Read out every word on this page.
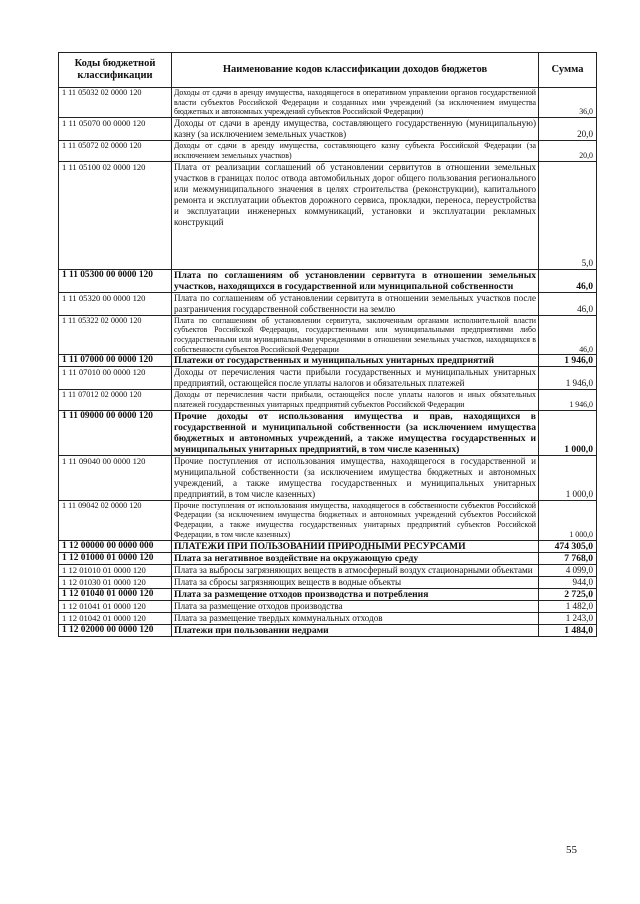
Коды бюджетной классификации	Наименование кодов классификации доходов бюджетов	Сумма
1 11 05032 02 0000 120	Доходы от сдачи в аренду имущества, находящегося в оперативном управлении органов государственной власти субъектов Российской Федерации и созданных ими учреждений (за исключением имущества бюджетных и автономных учреждений субъектов Российской Федерации)	36,0
1 11 05070 00 0000 120	Доходы от сдачи в аренду имущества, составляющего государственную (муниципальную) казну (за исключением земельных участков)	20,0
1 11 05072 02 0000 120	Доходы от сдачи в аренду имущества, составляющего казну субъекта Российской Федерации (за исключением земельных участков)	20,0
1 11 05100 02 0000 120	Плата от реализации соглашений об установлении сервитутов в отношении земельных участков в границах полос отвода автомобильных дорог общего пользования регионального или межмуниципального значения в целях строительства (реконструкции), капитального ремонта и эксплуатации объектов дорожного сервиса, прокладки, переноса, переустройства и эксплуатации инженерных коммуникаций, установки и эксплуатации рекламных конструкций	5,0
1 11 05300 00 0000 120	Плата по соглашениям об установлении сервитута в отношении земельных участков, находящихся в государственной или муниципальной собственности	46,0
1 11 05320 00 0000 120	Плата по соглашениям об установлении сервитута в отношении земельных участков после разграничения государственной собственности на землю	46,0
1 11 05322 02 0000 120	Плата по соглашениям об установлении сервитута, заключенным органами исполнительной власти субъектов Российской Федерации, государственными или муниципальными предприятиями либо государственными или муниципальными учреждениями в отношении земельных участков, находящихся в собственности субъектов Российской Федерации	46,0
1 11 07000 00 0000 120	Платежи от государственных и муниципальных унитарных предприятий	1 946,0
1 11 07010 00 0000 120	Доходы от перечисления части прибыли государственных и муниципальных унитарных предприятий, остающейся после уплаты налогов и обязательных платежей	1 946,0
1 11 07012 02 0000 120	Доходы от перечисления части прибыли, остающейся после уплаты налогов и иных обязательных платежей государственных унитарных предприятий субъектов Российской Федерации	1 946,0
1 11 09000 00 0000 120	Прочие доходы от использования имущества и прав, находящихся в государственной и муниципальной собственности (за исключением имущества бюджетных и автономных учреждений, а также имущества государственных и муниципальных унитарных предприятий, в том числе казенных)	1 000,0
1 11 09040 00 0000 120	Прочие поступления от использования имущества, находящегося в государственной и муниципальной собственности (за исключением имущества бюджетных и автономных учреждений, а также имущества государственных и муниципальных унитарных предприятий, в том числе казенных)	1 000,0
1 11 09042 02 0000 120	Прочие поступления от использования имущества, находящегося в собственности субъектов Российской Федерации (за исключением имущества бюджетных и автономных учреждений субъектов Российской Федерации, а также имущества государственных унитарных предприятий субъектов Российской Федерации, в том числе казенных)	1 000,0
1 12 00000 00 0000 000	ПЛАТЕЖИ ПРИ ПОЛЬЗОВАНИИ ПРИРОДНЫМИ РЕСУРСАМИ	474 305,0
1 12 01000 01 0000 120	Плата за негативное воздействие на окружающую среду	7 768,0
1 12 01010 01 0000 120	Плата за выбросы загрязняющих веществ в атмосферный воздух стационарными объектами	4 099,0
1 12 01030 01 0000 120	Плата за сбросы загрязняющих веществ в водные объекты	944,0
1 12 01040 01 0000 120	Плата за размещение отходов производства и потребления	2 725,0
1 12 01041 01 0000 120	Плата за размещение отходов производства	1 482,0
1 12 01042 01 0000 120	Плата за размещение твердых коммунальных отходов	1 243,0
1 12 02000 00 0000 120	Платежи при пользовании недрами	1 484,0
55
